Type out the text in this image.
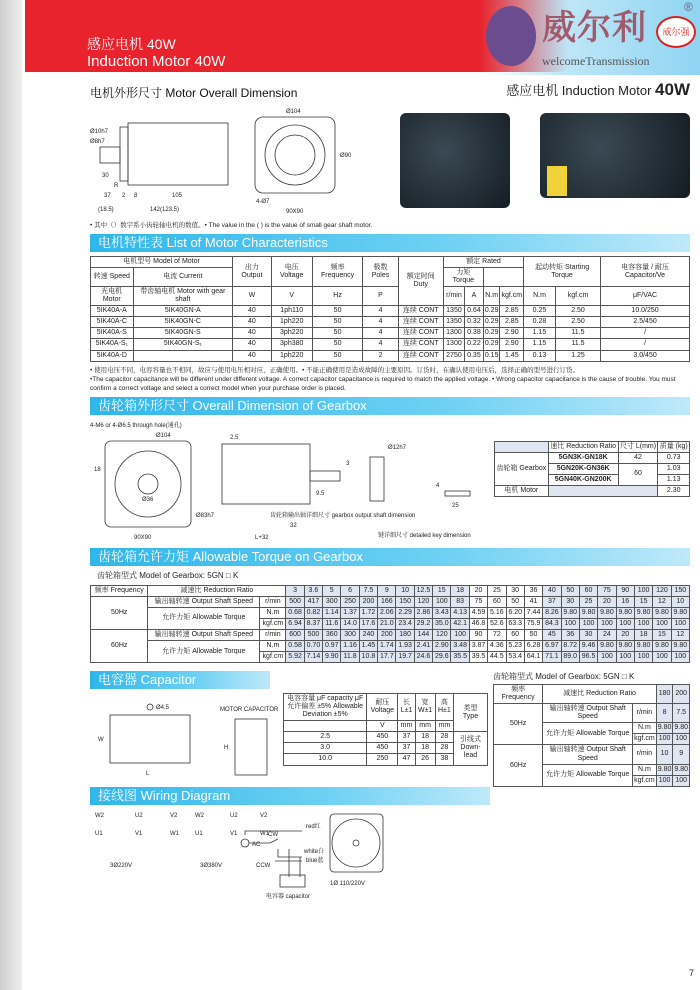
感应电机 40W
Induction Motor 40W
威尔利	威尔强
welcomeTransmission
®
电机外形尺寸 Motor Overall Dimension	感应电机 Induction Motor 40W
Ø104
Ø90
90X90
4-Ø7
105
142(123.5)
37
(18.5)
30
Ø8h7
Ø10h7
2 8
R
• 其中（）数字系小齿轮轴电机的数值。• The value in the ( ) is the value of small gear shaft motor.
电机特性表 List of Motor Characteristics
电机型号 Model of Motor		出力 Output	电压 Voltage	频率 Frequency	极数 Poles	额定时间 Duty	额定 Rated				起动转矩 Starting Torque		电容容量 / 耐压 Capacitor/Ve
转速 Speed	电流 Current						力矩 Torque						
光电机 Motor	带齿轴电机 Motor with gear shaft	W	V	Hz	P		r/min	A	N.m	kgf.cm	N.m	kgf.cm	μF/VAC
5IK40A-A	5IK40GN-A	40	1ph110	50	4	连续 CONT	1350	0.64	0.29	2.85	0.25	2.50	10.0/250
5IK40A-C	5IK40GN-C	40	1ph220	50	4	连续 CONT	1350	0.32	0.29	2.85	0.28	2.50	2.5/450
5IK40A-S	5IK40GN-S	40	3ph220	50	4	连续 CONT	1300	0.38	0.29	2.90	1.15	11.5	/
5IK40A-S₁	5IK40GN-S₁	40	3ph380	50	4	连续 CONT	1300	0.22	0.29	2.90	1.15	11.5	/
5IK40A-D		40	1ph220	50	2	连续 CONT	2750	0.35	0.15	1.45	0.13	1.25	3.0/450
• 使用电压不同，电容容量也不相同，故应与使用电压相对应，正确使用。• 不能正确使用是造成故障的主要原因。订货时，在确认使用电压后，选择正确的型号进行订货。
•The capacitor capacitance will be different under different voltage. A correct capacitor capacitance is required to match the applied voltage. • Wrong capacitor capacitance is the cause of trouble. You must confirm a correct voltage and select a correct model when your purchase order is placed.
齿轮箱外形尺寸 Overall Dimension of Gearbox
4-M6 or 4-Ø6.5 through hole(通孔)
Ø104
Ø36
90X90
18
Ø83h7
2.5
32
L+32
9.5
Ø12h7
3
25
4
齿轮箱输出轴详细尺寸 gearbox output shaft dimension
键详细尺寸 detailed key dimension
	速比 Reduction Ratio	尺寸 L(mm)	质量 (kg)
齿轮箱 Gearbox	5GN3K-GN18K	42	0.73
	5GN20K-GN36K	60	1.03
	5GN40K-GN200K		1.13
电机 Motor			2.30
齿轮箱允许力矩 Allowable Torque on Gearbox
齿轮箱型式 Model of Gearbox: 5GN □ K
频率 Frequency	减速比 Reduction Ratio		3	3.6	5	6	7.5	9	10	12.5	15	18	20	25	30	36	40	50	60	75	90	100	120	150
50Hz	输出轴转速 Output Shaft Speed	r/min	500	417	300	250	200	166	150	120	100	83	75	60	50	41	37	30	25	20	16	15	12	10
	允许力矩 Allowable Torque	N.m	0.68	0.82	1.14	1.37	1.72	2.06	2.29	2.86	3.43	4.13	4.59	5.16	6.20	7.44	8.26	9.80	9.80	9.80	9.80	9.80	9.80	9.80
		kgf.cm	6.94	8.37	11.6	14.0	17.6	21.0	23.4	29.2	35.0	42.1	46.8	52.6	63.3	75.9	84.3	100	100	100	100	100	100	100
60Hz	输出轴转速 Output Shaft Speed	r/min	600	500	360	300	240	200	180	144	120	100	90	72	60	50	45	36	30	24	20	18	15	12
	允许力矩 Allowable Torque	N.m	0.58	0.70	0.97	1.16	1.45	1.74	1.93	2.41	2.90	3.48	3.87	4.36	5.23	6.28	6.97	8.72	9.46	9.80	9.80	9.80	9.80	9.80
		kgf.cm	5.92	7.14	9.90	11.8	10.8	17.7	19.7	24.6	29.6	35.5	39.5	44.5	53.4	64.1	71.1	89.0	96.5	100	100	100	100	100
电容器 Capacitor
Ø4.5
W
H
L
MOTOR CAPACITOR
电容容量 μF capacity μF 允许偏差 ±5% Allowable Deviation ±5%	耐压 Voltage	长 L±1	宽 W±1	高 H±1	类型 Type
	V	mm	mm	mm	
2.5	450	37	18	28	引线式 Down-lead
3.0	450	37	18	28	
10.0	250	47	26	38	
接线图 Wiring Diagram
W2	U2	V2
U1	V1	W1
3Ø220V
W2	U2	V2
U1	V1	W1
3Ø380V
AC
CW
CCW
red红
white白
blue蓝
电容器 capacitor
1Ø 110/220V
齿轮箱型式 Model of Gearbox: 5GN □ K
频率 Frequency	减速比 Reduction Ratio		180	200
50Hz	输出轴转速 Output Shaft Speed	r/min	8	7.5
	允许力矩 Allowable Torque	N.m	9.80	9.80
		kgf.cm	100	100
60Hz	输出轴转速 Output Shaft Speed	r/min	10	9
	允许力矩 Allowable Torque	N.m	9.80	9.80
		kgf.cm	100	100
7
